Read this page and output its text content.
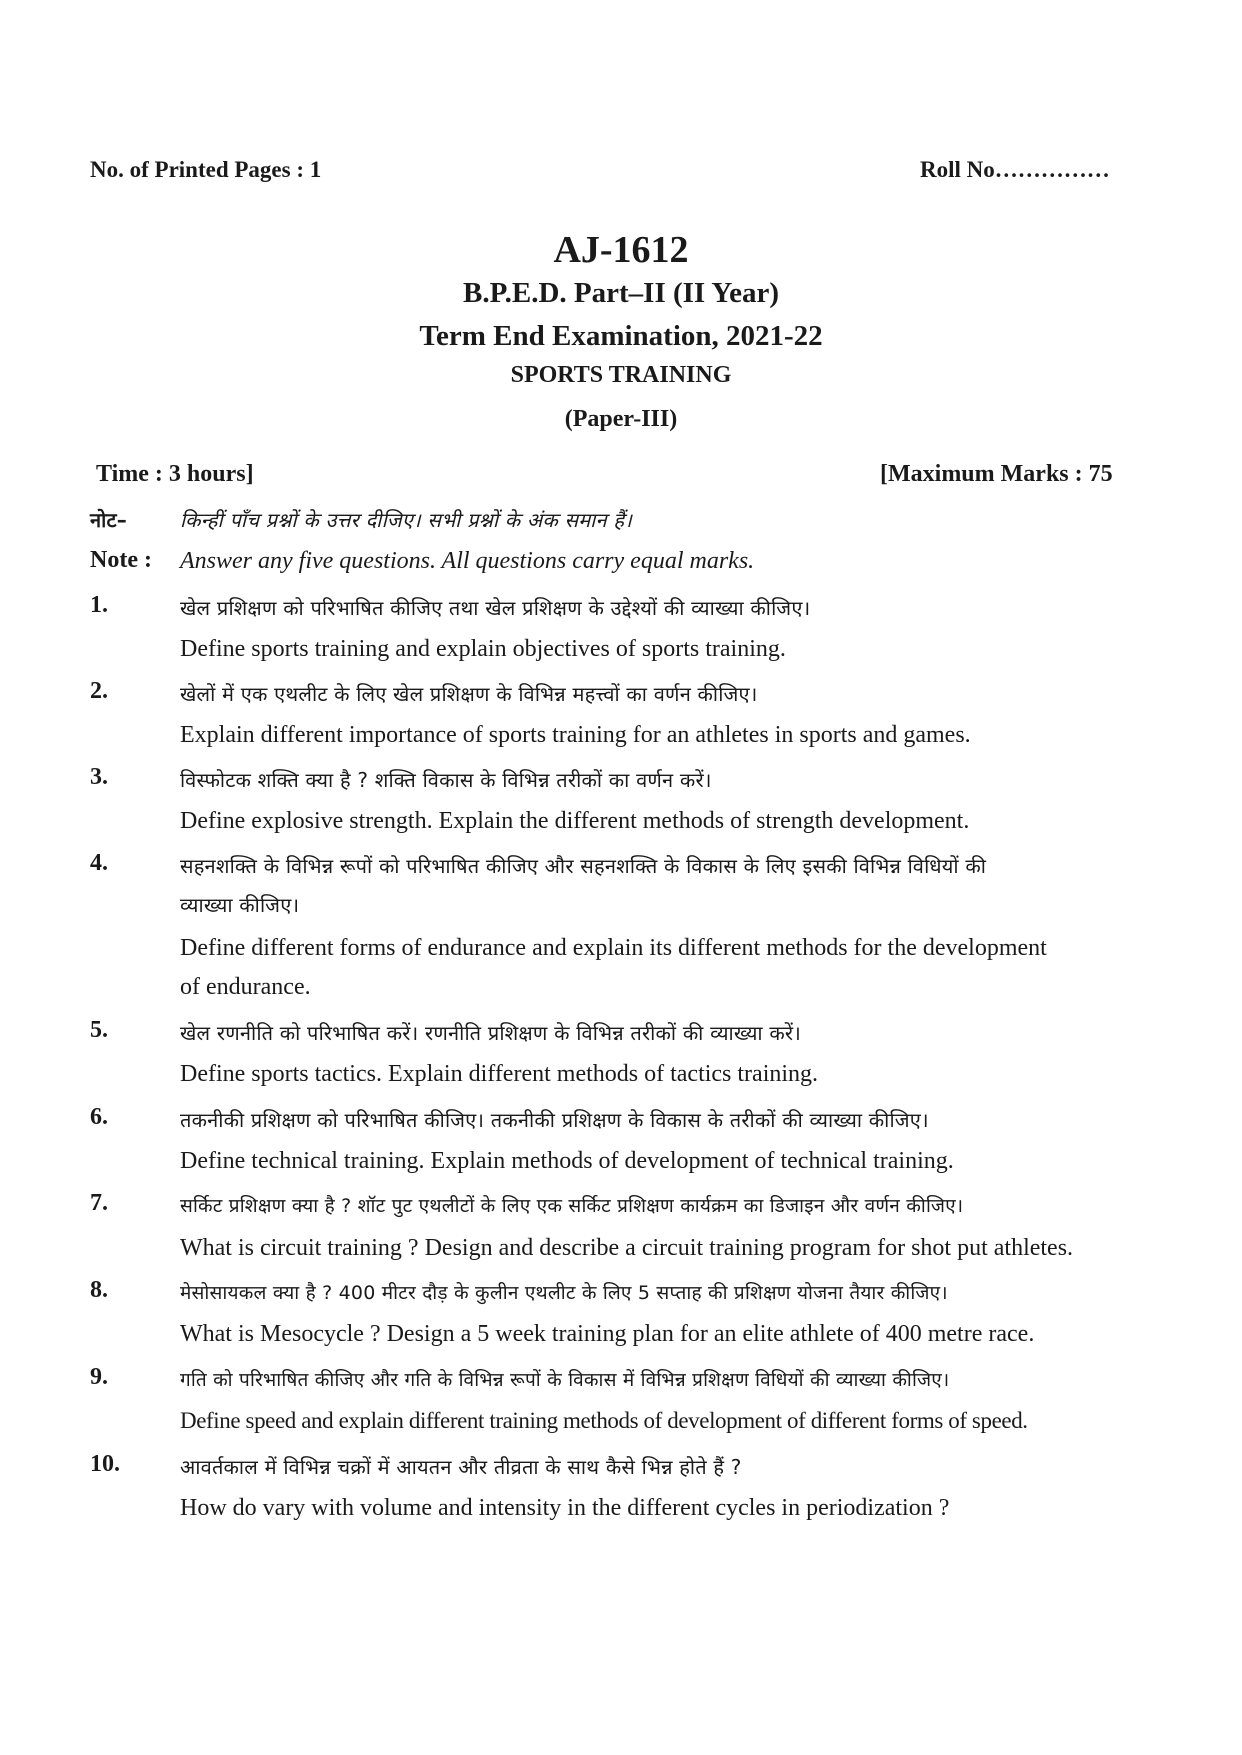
No. of Printed Pages : 1	Roll No……………
AJ-1612
B.P.E.D. Part–II (II Year)
Term End Examination, 2021-22
SPORTS TRAINING
(Paper-III)
Time : 3 hours]	[Maximum Marks : 75
नोट–	किन्हीं पाँच प्रश्नों के उत्तर दीजिए। सभी प्रश्नों के अंक समान हैं।
Note : Answer any five questions. All questions carry equal marks.
1.	खेल प्रशिक्षण को परिभाषित कीजिए तथा खेल प्रशिक्षण के उद्देश्यों की व्याख्या कीजिए।
Define sports training and explain objectives of sports training.
2.	खेलों में एक एथलीट के लिए खेल प्रशिक्षण के विभिन्न महत्त्वों का वर्णन कीजिए।
Explain different importance of sports training for an athletes in sports and games.
3.	विस्फोटक शक्ति क्या है ? शक्ति विकास के विभिन्न तरीकों का वर्णन करें।
Define explosive strength. Explain the different methods of strength development.
4.	सहनशक्ति के विभिन्न रूपों को परिभाषित कीजिए और सहनशक्ति के विकास के लिए इसकी विभिन्न विधियों की
व्याख्या कीजिए।
Define different forms of endurance and explain its different methods for the development
of endurance.
5.	खेल रणनीति को परिभाषित करें। रणनीति प्रशिक्षण के विभिन्न तरीकों की व्याख्या करें।
Define sports tactics. Explain different methods of tactics training.
6.	तकनीकी प्रशिक्षण को परिभाषित कीजिए। तकनीकी प्रशिक्षण के विकास के तरीकों की व्याख्या कीजिए।
Define technical training. Explain methods of development of technical training.
7.	सर्किट प्रशिक्षण क्या है ? शॉट पुट एथलीटों के लिए एक सर्किट प्रशिक्षण कार्यक्रम का डिजाइन और वर्णन कीजिए।
What is circuit training ? Design and describe a circuit training program for shot put athletes.
8.	मेसोसायकल क्या है ? 400 मीटर दौड़ के कुलीन एथलीट के लिए 5 सप्ताह की प्रशिक्षण योजना तैयार कीजिए।
What is Mesocycle ? Design a 5 week training plan for an elite athlete of 400 metre race.
9.	गति को परिभाषित कीजिए और गति के विभिन्न रूपों के विकास में विभिन्न प्रशिक्षण विधियों की व्याख्या कीजिए।
Define speed and explain different training methods of development of different forms of speed.
10.	आवर्तकाल में विभिन्न चक्रों में आयतन और तीव्रता के साथ कैसे भिन्न होते हैं ?
How do vary with volume and intensity in the different cycles in periodization ?
